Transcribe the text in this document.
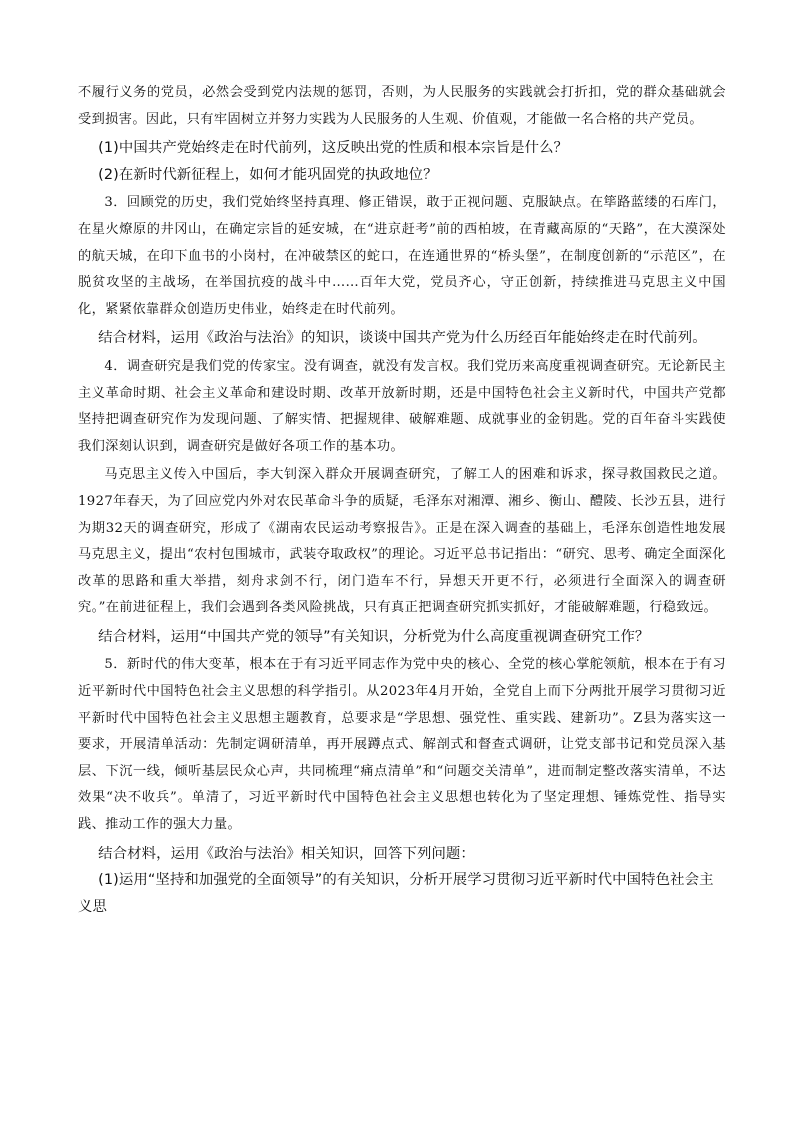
不履行义务的党员，必然会受到党内法规的惩罚，否则，为人民服务的实践就会打折扣，党的群众基础就会受到损害。因此，只有牢固树立并努力实践为人民服务的人生观、价值观，才能做一名合格的共产党员。

(1)中国共产党始终走在时代前列，这反映出党的性质和根本宗旨是什么？

(2)在新时代新征程上，如何才能巩固党的执政地位？

3．回顾党的历史，我们党始终坚持真理、修正错误，敢于正视问题、克服缺点。在筚路蓝缕的石库门，在星火燎原的井冈山，在确定宗旨的延安城，在“进京赶考”前的西柏坡，在青藏高原的“天路”，在大漠深处的航天城，在印下血书的小岗村，在冲破禁区的蛇口，在连通世界的“桥头堡”，在制度创新的“示范区”，在脱贫攻坚的主战场，在举国抗疫的战斗中……百年大党，党员齐心，守正创新，持续推进马克思主义中国化，紧紧依靠群众创造历史伟业，始终走在时代前列。

结合材料，运用《政治与法治》的知识，谈谈中国共产党为什么历经百年能始终走在时代前列。

4．调查研究是我们党的传家宝。没有调查，就没有发言权。我们党历来高度重视调查研究。无论新民主主义革命时期、社会主义革命和建设时期、改革开放新时期，还是中国特色社会主义新时代，中国共产党都坚持把调查研究作为发现问题、了解实情、把握规律、破解难题、成就事业的金钥匙。党的百年奋斗实践使我们深刻认识到，调查研究是做好各项工作的基本功。

马克思主义传入中国后，李大钊深入群众开展调查研究，了解工人的困难和诉求，探寻救国救民之道。1927年春天，为了回应党内外对农民革命斗争的质疑，毛泽东对湘潭、湘乡、衡山、醴陵、长沙五县，进行为期32天的调查研究，形成了《湖南农民运动考察报告》。正是在深入调查的基础上，毛泽东创造性地发展马克思主义，提出“农村包围城市，武装夺取政权”的理论。习近平总书记指出：“研究、思考、确定全面深化改革的思路和重大举措，刻舟求剑不行，闭门造车不行，异想天开更不行，必须进行全面深入的调查研究。”在前进征程上，我们会遇到各类风险挑战，只有真正把调查研究抓实抓好，才能破解难题，行稳致远。

结合材料，运用“中国共产党的领导”有关知识，分析党为什么高度重视调查研究工作？

5．新时代的伟大变革，根本在于有习近平同志作为党中央的核心、全党的核心掌舵领航，根本在于有习近平新时代中国特色社会主义思想的科学指引。从2023年4月开始，全党自上而下分两批开展学习贯彻习近平新时代中国特色社会主义思想主题教育，总要求是“学思想、强党性、重实践、建新功”。Z县为落实这一要求，开展清单活动：先制定调研清单，再开展蹲点式、解剖式和督查式调研，让党支部书记和党员深入基层、下沉一线，倾听基层民众心声，共同梳理“痛点清单”和“问题交关清单”，进而制定整改落实清单，不达效果“决不收兵”。单清了，习近平新时代中国特色社会主义思想也转化为了坚定理想、锤炼党性、指导实践、推动工作的强大力量。

结合材料，运用《政治与法治》相关知识，回答下列问题：

(1)运用“坚持和加强党的全面领导”的有关知识，分析开展学习贯彻习近平新时代中国特色社会主义思
